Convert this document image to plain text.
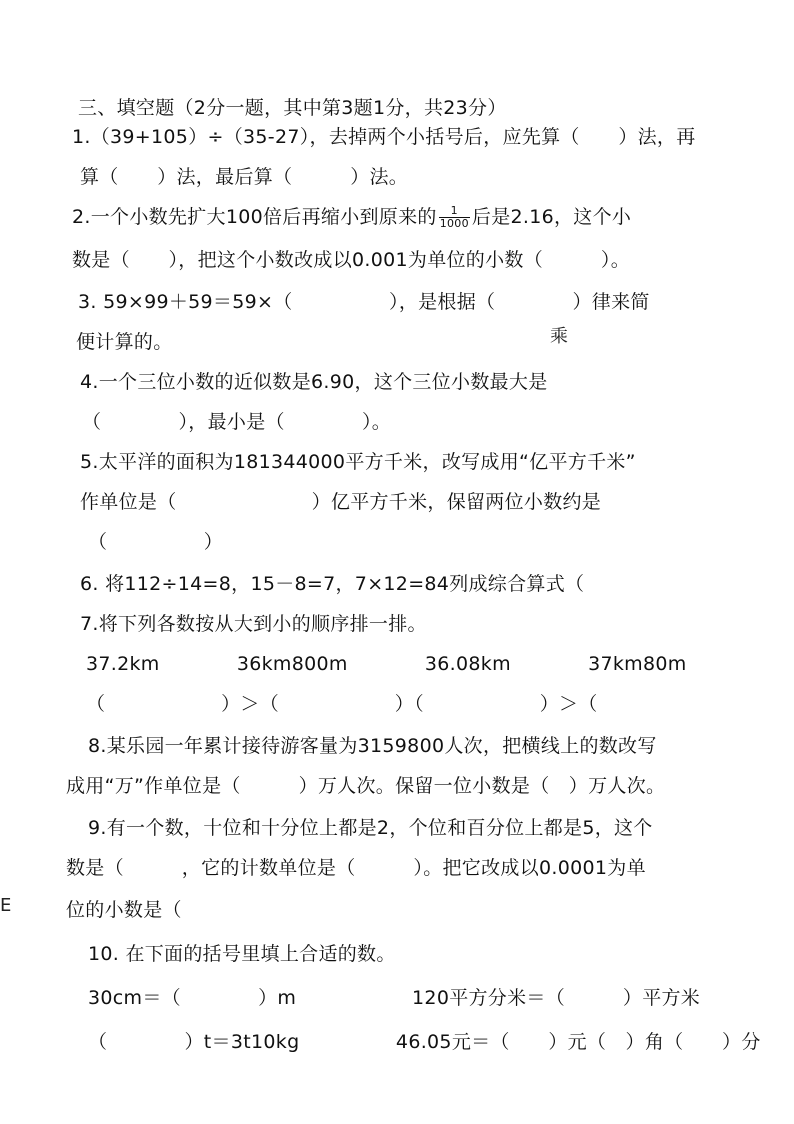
三、填空题（2分一题，其中第3题1分，共23分）
1.（39+105）÷（35-27），去掉两个小括号后，应先算（　　）法，再
算（　　）法，最后算（　　　）法。
2.一个小数先扩大100倍后再缩小到原来的 $\frac{1}{1000}$ 后是2.16，这个小
数是（　　），把这个小数改成以0.001为单位的小数（　　　）。
3. 59×99＋59＝59×（　　　　　），是根据（　　　　）律来简
乘
便计算的。
4.一个三位小数的近似数是6.90，这个三位小数最大是
（　　　　），最小是（　　　　）。
5.太平洋的面积为181344000平方千米，改写成用“亿平方千米”
作单位是（　　　　　　　）亿平方千米，保留两位小数约是
（　　　　　）
6. 将112÷14=8，15－8=7，7×12=84列成综合算式（
7.将下列各数按从大到小的顺序排一排。
37.2km　　　　36km800m　　　　36.08km　　　　37km80m
（　　　　　　）＞（　　　　　　）（　　　　　　）＞（
8.某乐园一年累计接待游客量为3159800人次，把横线上的数改写
成用“万”作单位是（　　　）万人次。保留一位小数是（　）万人次。
9.有一个数，十位和十分位上都是2，个位和百分位上都是5，这个
数是（　　　，它的计数单位是（　　　）。把它改成以0.0001为单
E	位的小数是（
10. 在下面的括号里填上合适的数。
30cm＝（　　　　）m　　　　　　120平方分米＝（　　　）平方米
（　　　　）t＝3t10kg　　　　　46.05元＝（　　）元（　）角（　　）分
